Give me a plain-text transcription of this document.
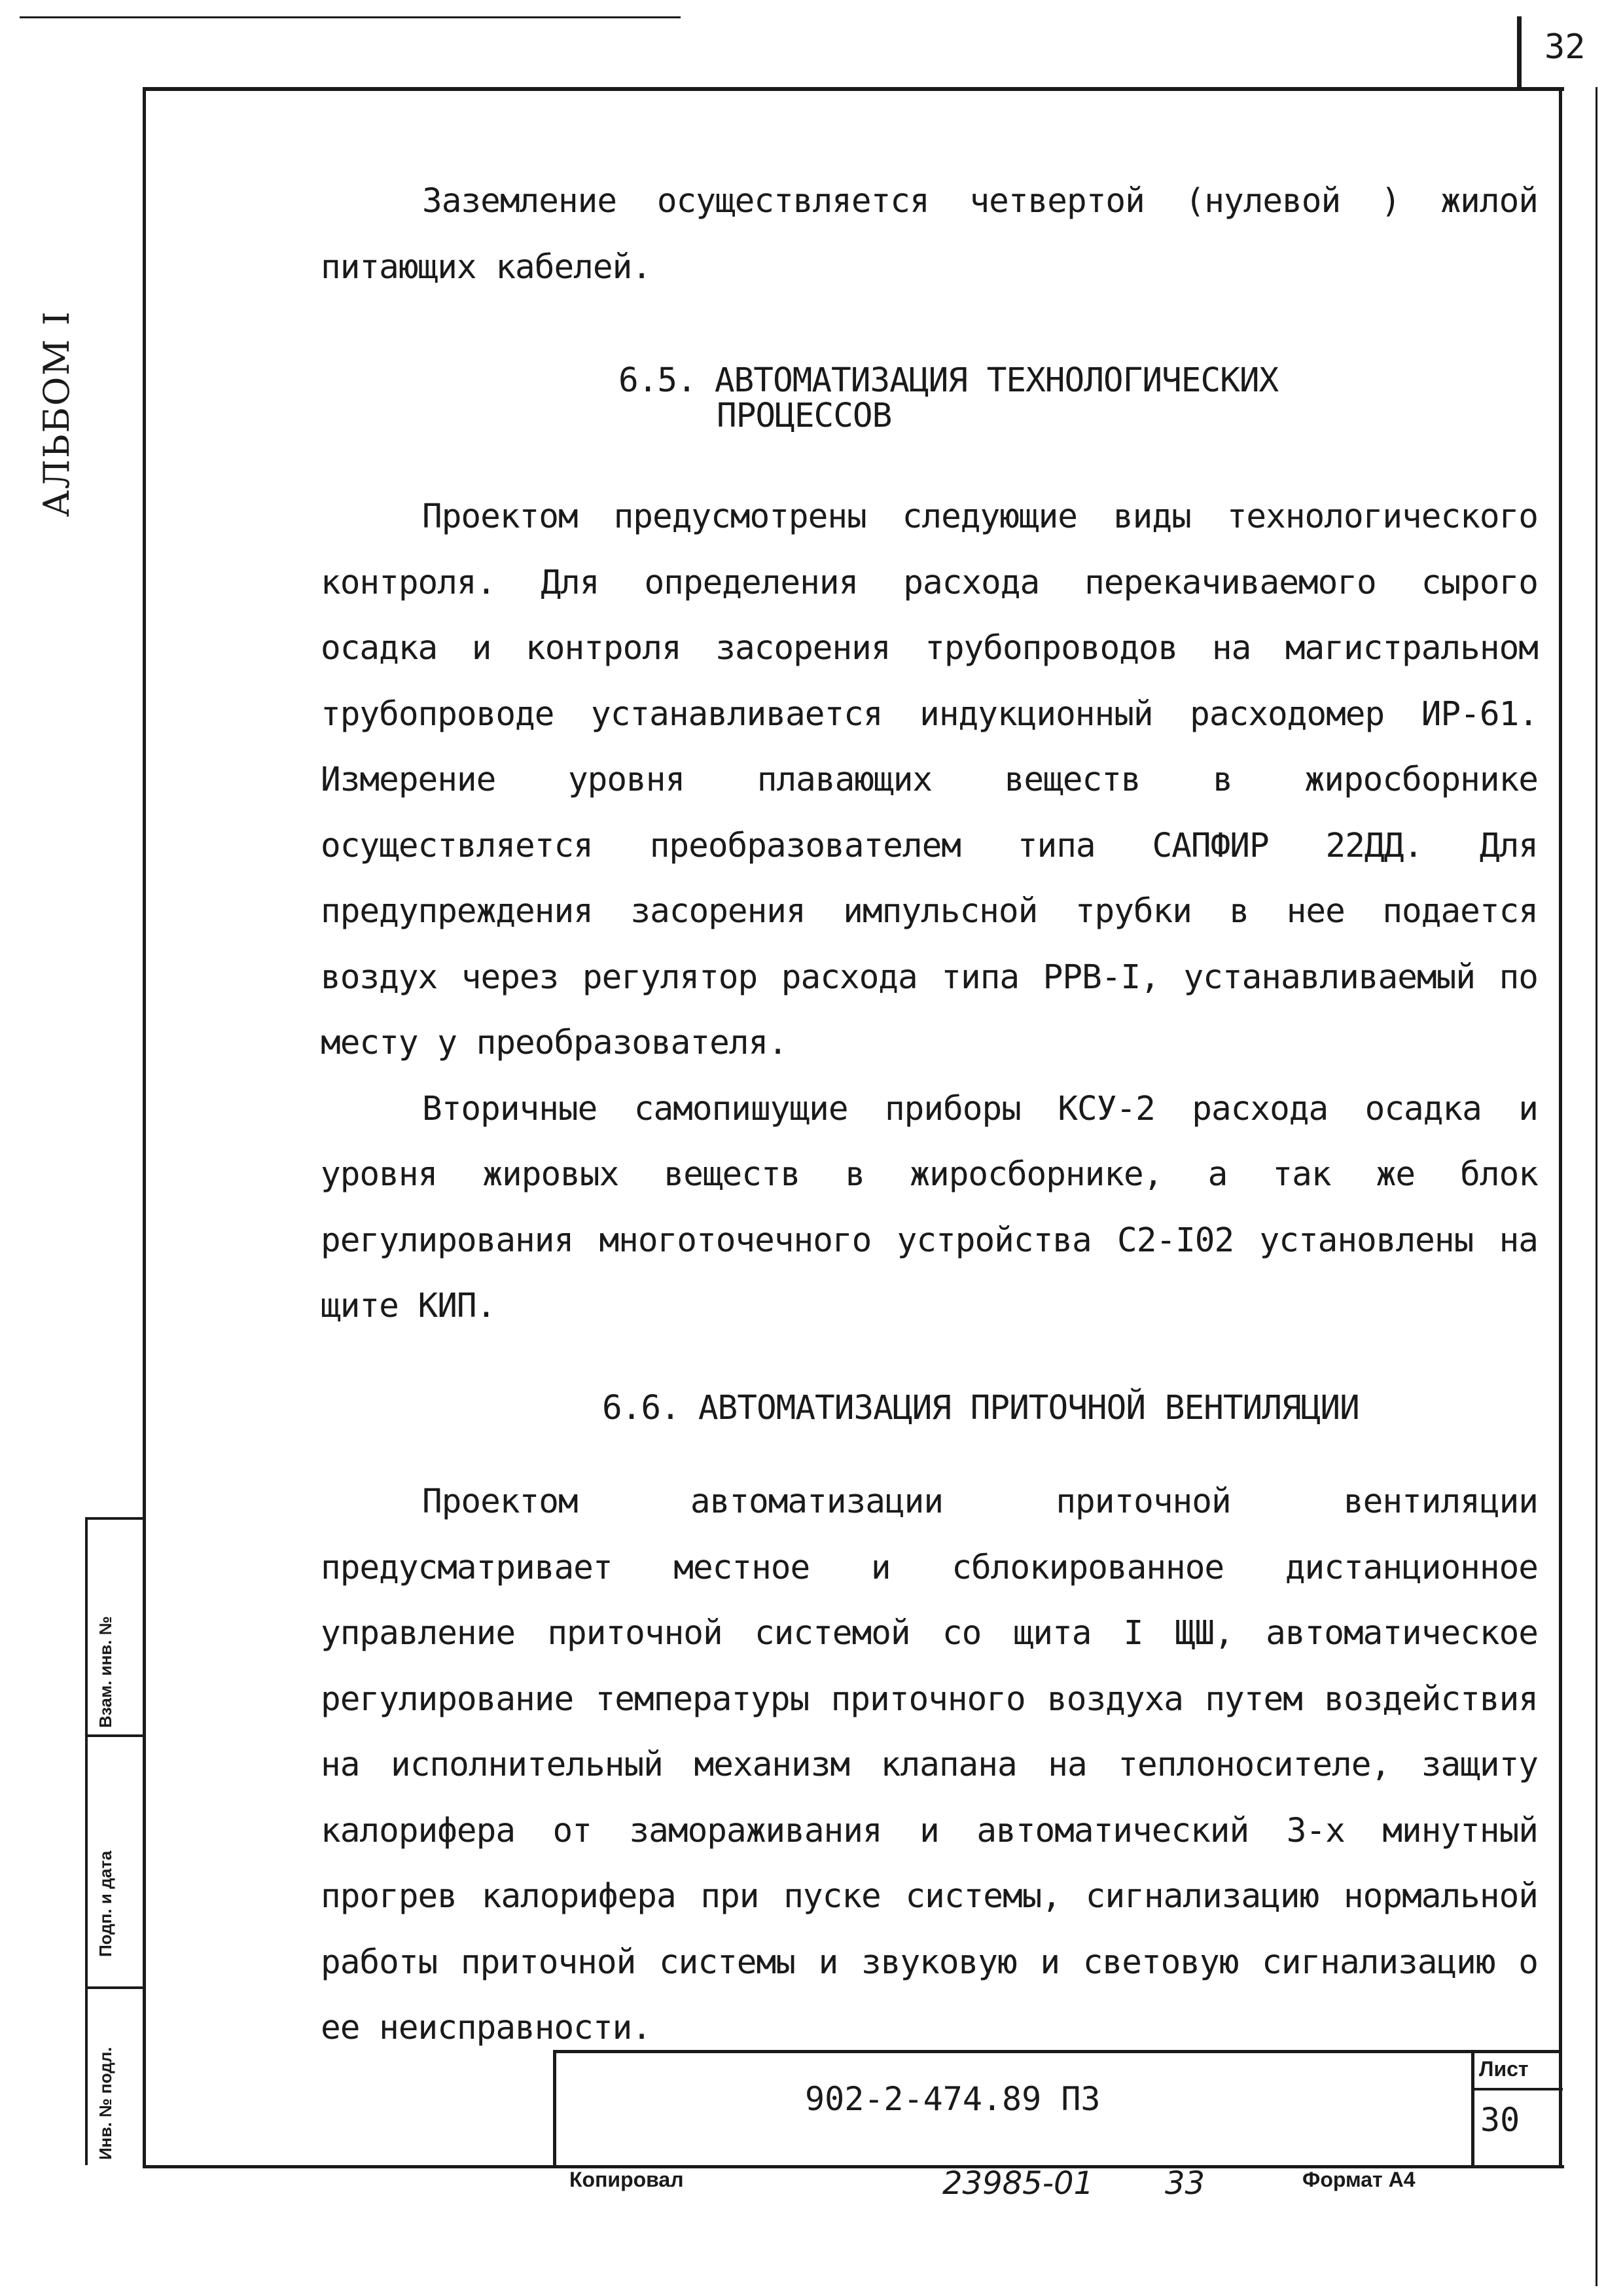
32
АЛЬБОМ I

Заземление осуществляется четвертой (нулевой ) жилой питающих кабелей.

6.5. АВТОМАТИЗАЦИЯ ТЕХНОЛОГИЧЕСКИХ
ПРОЦЕССОВ

Проектом предусмотрены следующие виды технологического контроля. Для определения расхода перекачиваемого сырого осадка и контроля засорения трубопроводов на магистральном трубопроводе устанавливается индукционный расходомер ИР-61. Измерение уровня плавающих веществ в жиросборнике осуществляется преобразователем типа САПФИР 22ДД. Для предупреждения засорения импульсной трубки в нее подается воздух через регулятор расхода типа РРВ-I, устанавливаемый по месту у преобразователя.

Вторичные самопишущие приборы КСУ-2 расхода осадка и уровня жировых веществ в жиросборнике, а так же блок регулирования многоточечного устройства С2-I02 установлены на щите КИП.

6.6. АВТОМАТИЗАЦИЯ ПРИТОЧНОЙ ВЕНТИЛЯЦИИ

Проектом автоматизации приточной вентиляции предусматривает местное и сблокированное дистанционное управление приточной системой со щита I ЩШ, автоматическое регулирование температуры приточного воздуха путем воздействия на исполнительный механизм клапана на теплоносителе, защиту калорифера от замораживания и автоматический 3-х минутный прогрев калорифера при пуске системы, сигнализацию нормальной работы приточной системы и звуковую и световую сигнализацию о ее неисправности.

Взам. инв. №
Подп. и дата
Инв. № подл.	902-2-474.89 ПЗ
Лист
30
Копировал	23985-01 33	Формат А4
